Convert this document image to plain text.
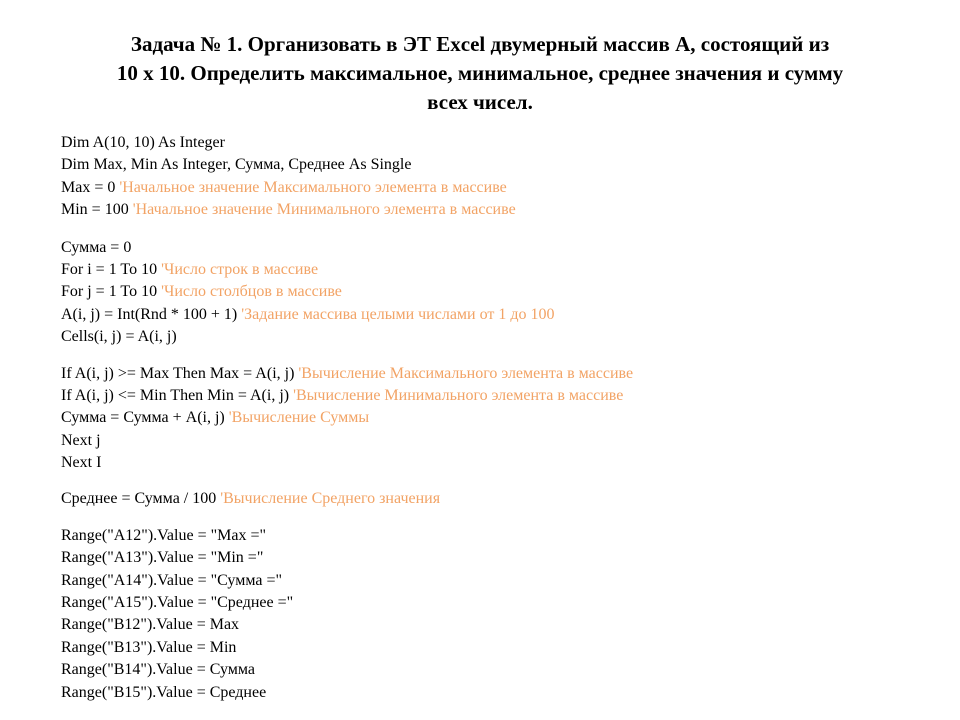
Задача № 1. Организовать в ЭТ Excel двумерный массив А, состоящий из
10 х 10. Определить максимальное, минимальное, среднее значения и сумму
всех чисел.
Dim A(10, 10) As Integer
Dim Max, Min As Integer, Сумма, Среднее As Single
Max = 0 'Начальное значение Максимального элемента в массиве
Min = 100 'Начальное значение Минимального элемента в массиве
Сумма = 0
For i = 1 To 10 'Число строк в массиве
For j = 1 To 10 'Число столбцов в массиве
A(i, j) = Int(Rnd * 100 + 1) 'Задание массива целыми числами от 1 до 100
Cells(i, j) = A(i, j)
If A(i, j) >= Max Then Max = A(i, j) 'Вычисление Максимального элемента в массиве
If A(i, j) <= Min Then Min = A(i, j) 'Вычисление Минимального элемента в массиве
Сумма = Сумма + A(i, j) 'Вычисление Суммы
Next j
Next I
Среднее = Сумма / 100 'Вычисление Среднего значения
Range("A12").Value = "Max ="
Range("A13").Value = "Min ="
Range("A14").Value = "Сумма ="
Range("A15").Value = "Среднее ="
Range("B12").Value = Max
Range("B13").Value = Min
Range("B14").Value = Сумма
Range("B15").Value = Среднее
